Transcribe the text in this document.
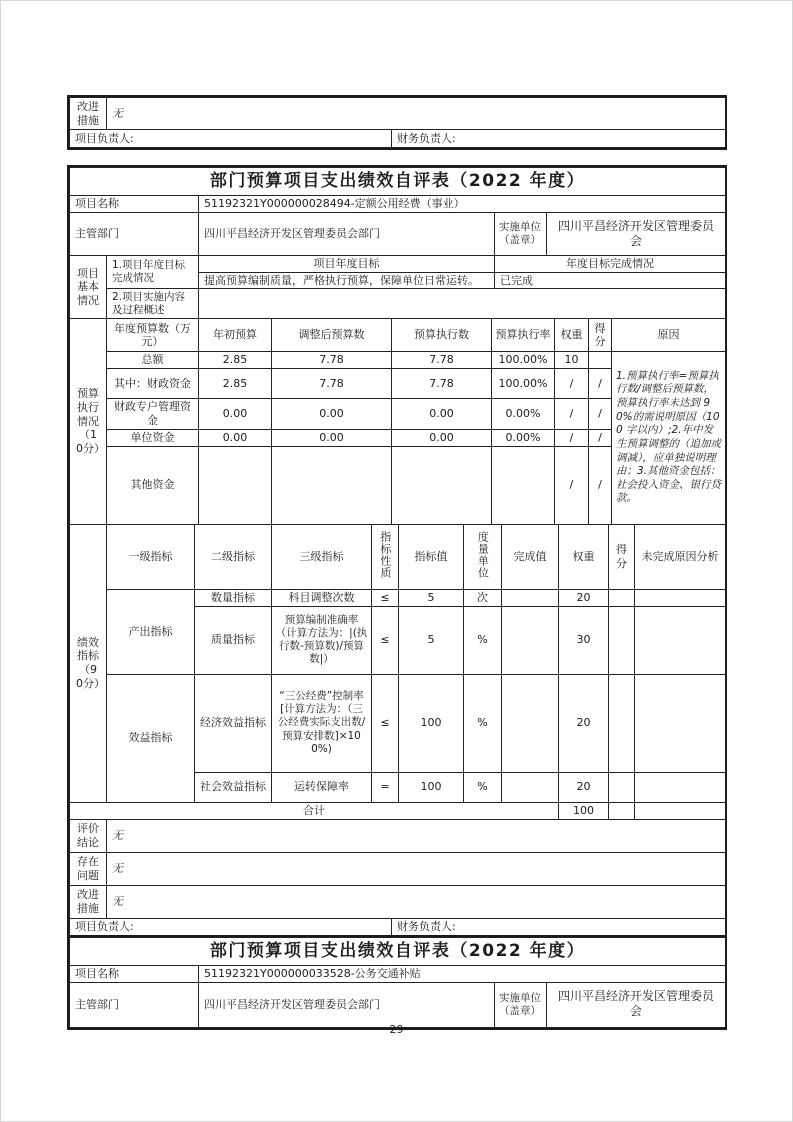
改进措施	无	
项目负责人:		财务负责人:
部门预算项目支出绩效自评表（2022 年度）				
项目名称		51192321Y000000028494-定额公用经费（事业）		
主管部门		四川平昌经济开发区管理委员会部门	实施单位（盖章）	四川平昌经济开发区管理委员会
项目基本情况	1.项目年度目标完成情况	项目年度目标	年度目标完成情况	
		提高预算编制质量，严格执行预算，保障单位日常运转。	已完成	
	2.项目实施内容及过程概述			
预算执行情况（10分）	年度预算数（万元）	年初预算	调整后预算数	预算执行数	预算执行率	权重	得分	原因
	总额	2.85	7.78	7.78	100.00%	10		1.预算执行率=预算执行数/调整后预算数，预算执行率未达到 90%的需说明原因（100 字以内）;2.年中发生预算调整的（追加或调减），应单独说明理由；3.其他资金包括：社会投入资金、银行贷款。
	其中：财政资金	2.85	7.78	7.78	100.00%	/	/	
	财政专户管理资金	0.00	0.00	0.00	0.00%	/	/	
	单位资金	0.00	0.00	0.00	0.00%	/	/	
	其他资金					/	/	
绩效指标（90分）	一级指标	二级指标	三级指标	指标性质	指标值	度量单位	完成值	权重	得分	未完成原因分析
	产出指标	数量指标	科目调整次数	≤	5	次		20		
		质量指标	预算编制准确率（计算方法为：|(执行数-预算数)/预算数|）	≤	5	%		30		
	效益指标	经济效益指标	“三公经费”控制率[计算方法为：（三公经费实际支出数/预算安排数]×100%)	≤	100	%		20		
		社会效益指标	运转保障率	=	100	%		20		
合计								100		
评价结论	无	
存在问题	无	
改进措施	无	
项目负责人:		财务负责人:
部门预算项目支出绩效自评表（2022 年度）			
项目名称	51192321Y000000033528-公务交通补贴		
主管部门	四川平昌经济开发区管理委员会部门	实施单位（盖章）	四川平昌经济开发区管理委员会
29
